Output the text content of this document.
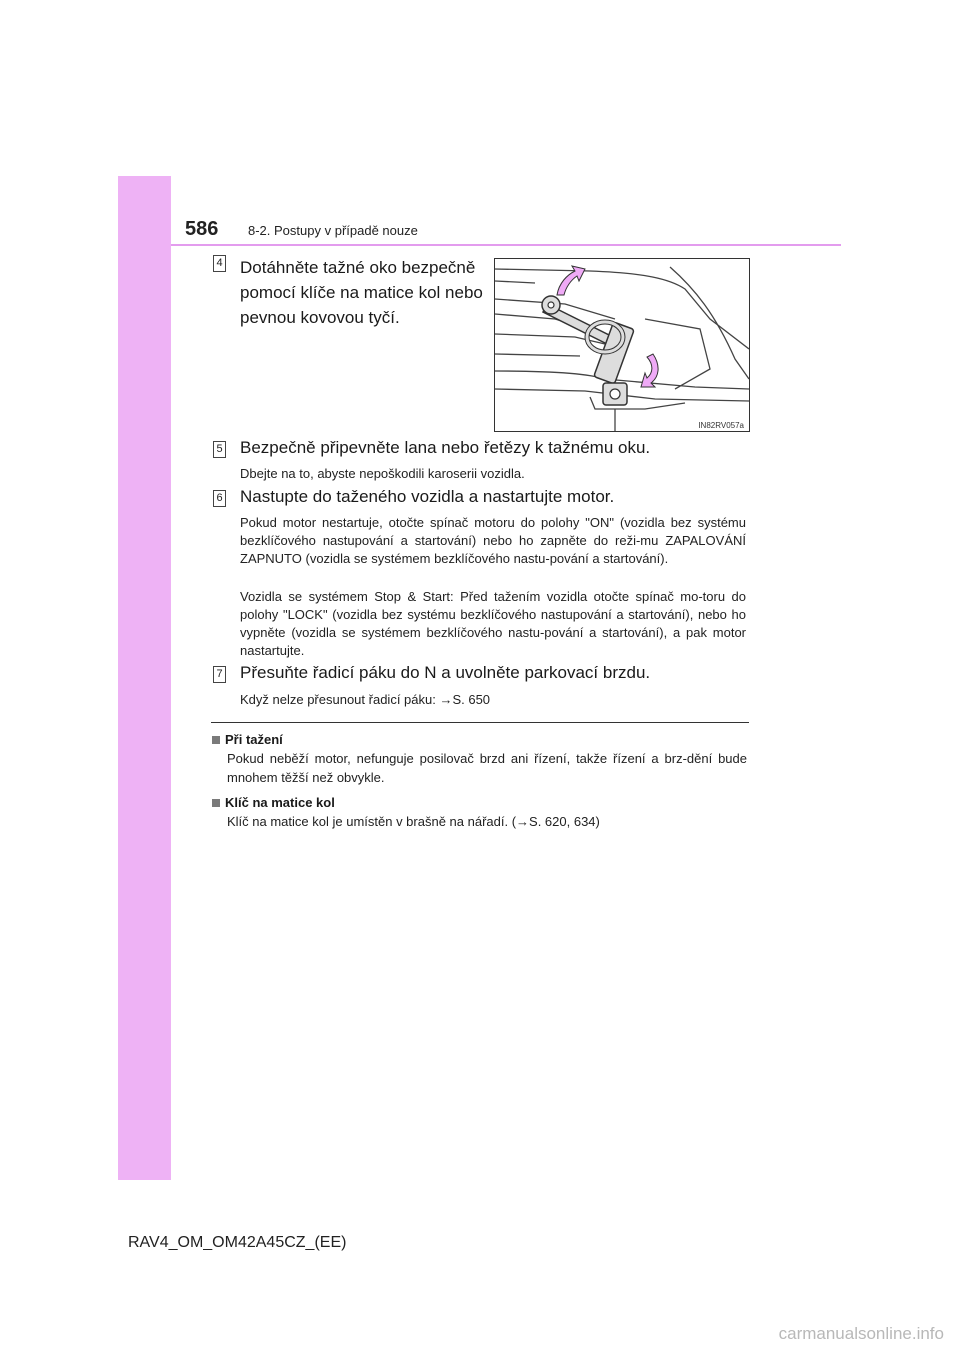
586 8-2. Postupy v případě nouze
4 Dotáhněte tažné oko bezpečně
pomocí klíče na matice kol nebo
pevnou kovovou tyčí.
IN82RV057a
5 Bezpečně připevněte lana nebo řetězy k tažnému oku.
Dbejte na to, abyste nepoškodili karoserii vozidla.
6 Nastupte do taženého vozidla a nastartujte motor.
Pokud motor nestartuje, otočte spínač motoru do polohy "ON" (vozidla bez systému bezklíčového nastupování a startování) nebo ho zapněte do reži-mu ZAPALOVÁNÍ ZAPNUTO (vozidla se systémem bezklíčového nastu-pování a startování).
Vozidla se systémem Stop & Start: Před tažením vozidla otočte spínač mo-toru do polohy "LOCK" (vozidla bez systému bezklíčového nastupování a startování), nebo ho vypněte (vozidla se systémem bezklíčového nastu-pování a startování), a pak motor nastartujte.
7 Přesuňte řadicí páku do N a uvolněte parkovací brzdu.
Když nelze přesunout řadicí páku: →S. 650
Při tažení
Pokud neběží motor, nefunguje posilovač brzd ani řízení, takže řízení a brz-dění bude mnohem těžší než obvykle.
Klíč na matice kol
Klíč na matice kol je umístěn v brašně na nářadí. (→S. 620, 634)
RAV4_OM_OM42A45CZ_(EE)
carmanualsonline.info
